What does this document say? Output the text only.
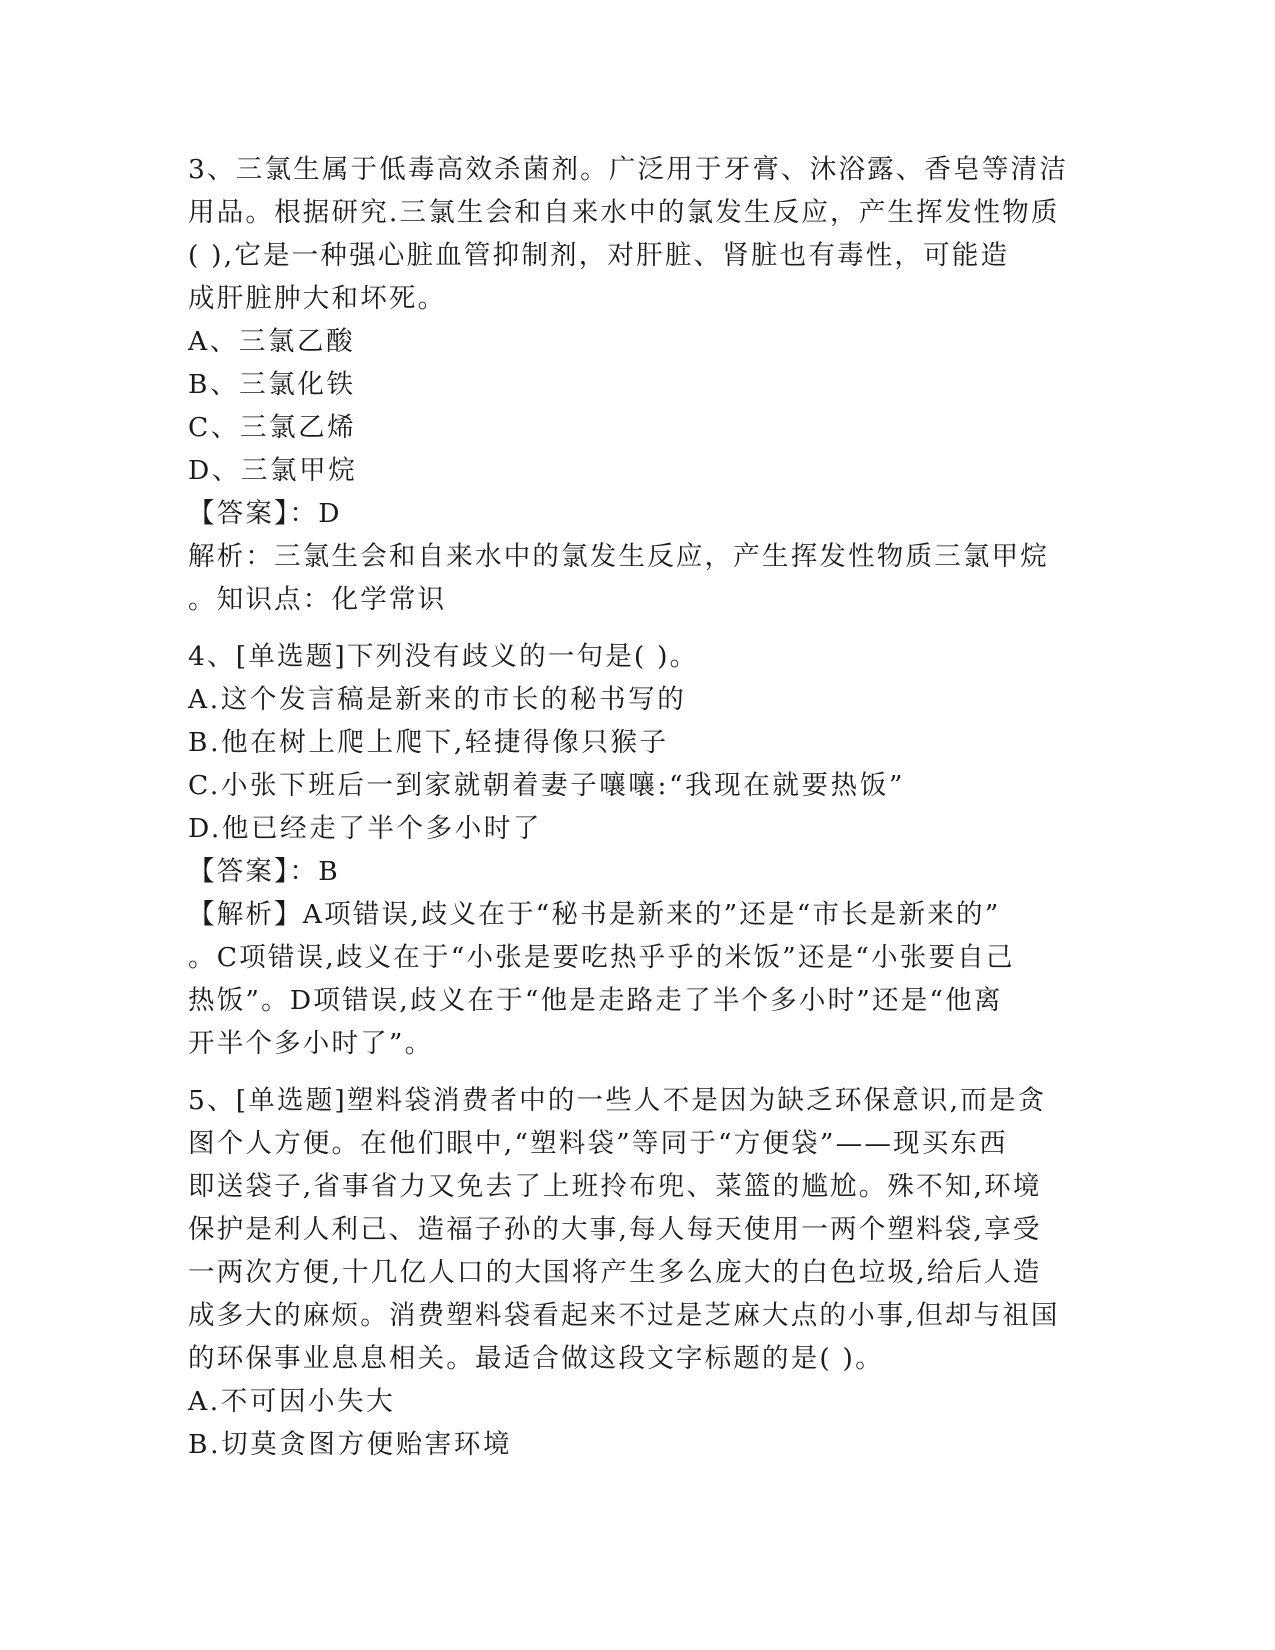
3、三氯生属于低毒高效杀菌剂。广泛用于牙膏、沐浴露、香皂等清洁
用品。根据研究.三氯生会和自来水中的氯发生反应，产生挥发性物质
( ),它是一种强心脏血管抑制剂，对肝脏、肾脏也有毒性，可能造
成肝脏肿大和坏死。
A、三氯乙酸
B、三氯化铁
C、三氯乙烯
D、三氯甲烷
【答案】：D
解析：三氯生会和自来水中的氯发生反应，产生挥发性物质三氯甲烷
。知识点：化学常识
4、[单选题]下列没有歧义的一句是( )。
A.这个发言稿是新来的市长的秘书写的
B.他在树上爬上爬下,轻捷得像只猴子
C.小张下班后一到家就朝着妻子嚷嚷:“我现在就要热饭”
D.他已经走了半个多小时了
【答案】：B
【解析】A项错误,歧义在于“秘书是新来的”还是“市长是新来的”
。C项错误,歧义在于“小张是要吃热乎乎的米饭”还是“小张要自己
热饭”。D项错误,歧义在于“他是走路走了半个多小时”还是“他离
开半个多小时了”。
5、[单选题]塑料袋消费者中的一些人不是因为缺乏环保意识,而是贪
图个人方便。在他们眼中,“塑料袋”等同于“方便袋”——现买东西
即送袋子,省事省力又免去了上班拎布兜、菜篮的尴尬。殊不知,环境
保护是利人利己、造福子孙的大事,每人每天使用一两个塑料袋,享受
一两次方便,十几亿人口的大国将产生多么庞大的白色垃圾,给后人造
成多大的麻烦。消费塑料袋看起来不过是芝麻大点的小事,但却与祖国
的环保事业息息相关。最适合做这段文字标题的是( )。
A.不可因小失大
B.切莫贪图方便贻害环境
